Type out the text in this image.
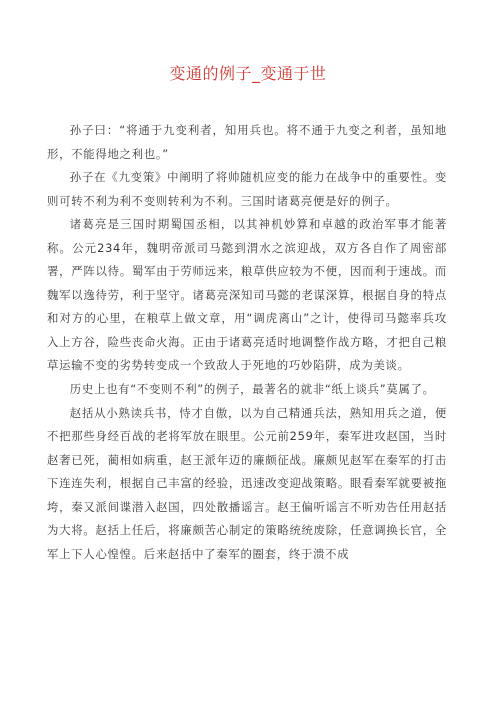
变通的例子_变通于世

孙子曰：“将通于九变利者，知用兵也。将不通于九变之利者，虽知地形，不能得地之利也。”

孙子在《九变策》中阐明了将帅随机应变的能力在战争中的重要性。变则可转不利为利不变则转利为不利。三国时诸葛亮便是好的例子。

诸葛亮是三国时期蜀国丞相，以其神机妙算和卓越的政治军事才能著称。公元234年，魏明帝派司马懿到渭水之滨迎战，双方各自作了周密部署，严阵以待。蜀军由于劳师远来，粮草供应较为不便，因而利于速战。而魏军以逸待劳，利于坚守。诸葛亮深知司马懿的老谋深算，根据自身的特点和对方的心里，在粮草上做文章，用“调虎离山”之计，使得司马懿率兵攻入上方谷，险些丧命火海。正由于诸葛亮适时地调整作战方略，才把自己粮草运输不变的劣势转变成一个致敌人于死地的巧妙陷阱，成为美谈。

历史上也有“不变则不利”的例子，最著名的就非“纸上谈兵”莫属了。

赵括从小熟读兵书，恃才自傲，以为自己精通兵法，熟知用兵之道，便不把那些身经百战的老将军放在眼里。公元前259年，秦军进攻赵国，当时赵奢已死，蔺相如病重，赵王派年迈的廉颇征战。廉颇见赵军在秦军的打击下连连失利，根据自己丰富的经验，迅速改变迎战策略。眼看秦军就要被拖垮，秦又派间谍潜入赵国，四处散播谣言。赵王偏听谣言不听劝告任用赵括为大将。赵括上任后，将廉颇苦心制定的策略统统废除，任意调换长官，全军上下人心惶惶。后来赵括中了秦军的圈套，终于溃不成
